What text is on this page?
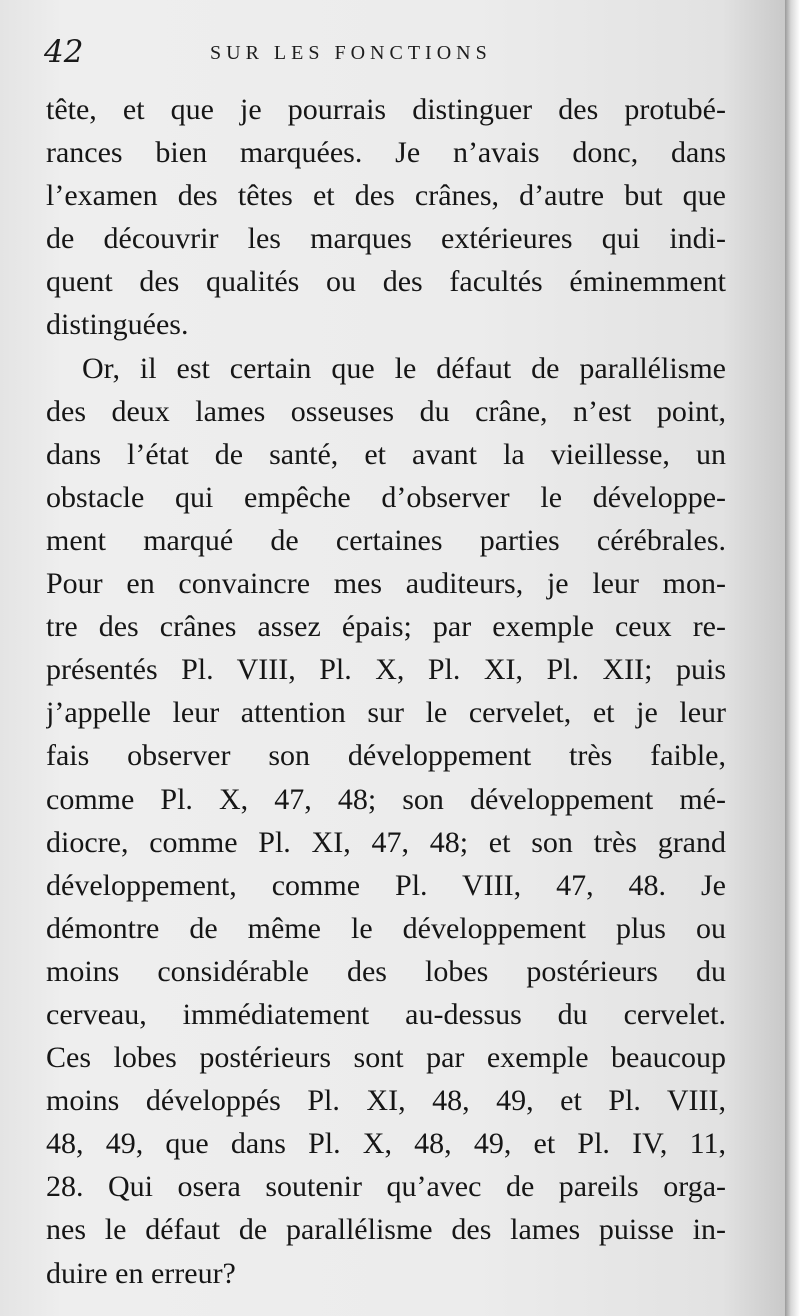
42	SUR LES FONCTIONS
tête, et que je pourrais distinguer des protubé-
rances bien marquées. Je n’avais donc, dans
l’examen des têtes et des crânes, d’autre but que
de découvrir les marques extérieures qui indi-
quent des qualités ou des facultés éminemment
distinguées.
Or, il est certain que le défaut de parallélisme
des deux lames osseuses du crâne, n’est point,
dans l’état de santé, et avant la vieillesse, un
obstacle qui empêche d’observer le développe-
ment marqué de certaines parties cérébrales.
Pour en convaincre mes auditeurs, je leur mon-
tre des crânes assez épais; par exemple ceux re-
présentés Pl. VIII, Pl. X, Pl. XI, Pl. XII; puis
j’appelle leur attention sur le cervelet, et je leur
fais observer son développement très faible,
comme Pl. X, 47, 48; son développement mé-
diocre, comme Pl. XI, 47, 48; et son très grand
développement, comme Pl. VIII, 47, 48. Je
démontre de même le développement plus ou
moins considérable des lobes postérieurs du
cerveau, immédiatement au-dessus du cervelet.
Ces lobes postérieurs sont par exemple beaucoup
moins développés Pl. XI, 48, 49, et Pl. VIII,
48, 49, que dans Pl. X, 48, 49, et Pl. IV, 11,
28. Qui osera soutenir qu’avec de pareils orga-
nes le défaut de parallélisme des lames puisse in-
duire en erreur?
